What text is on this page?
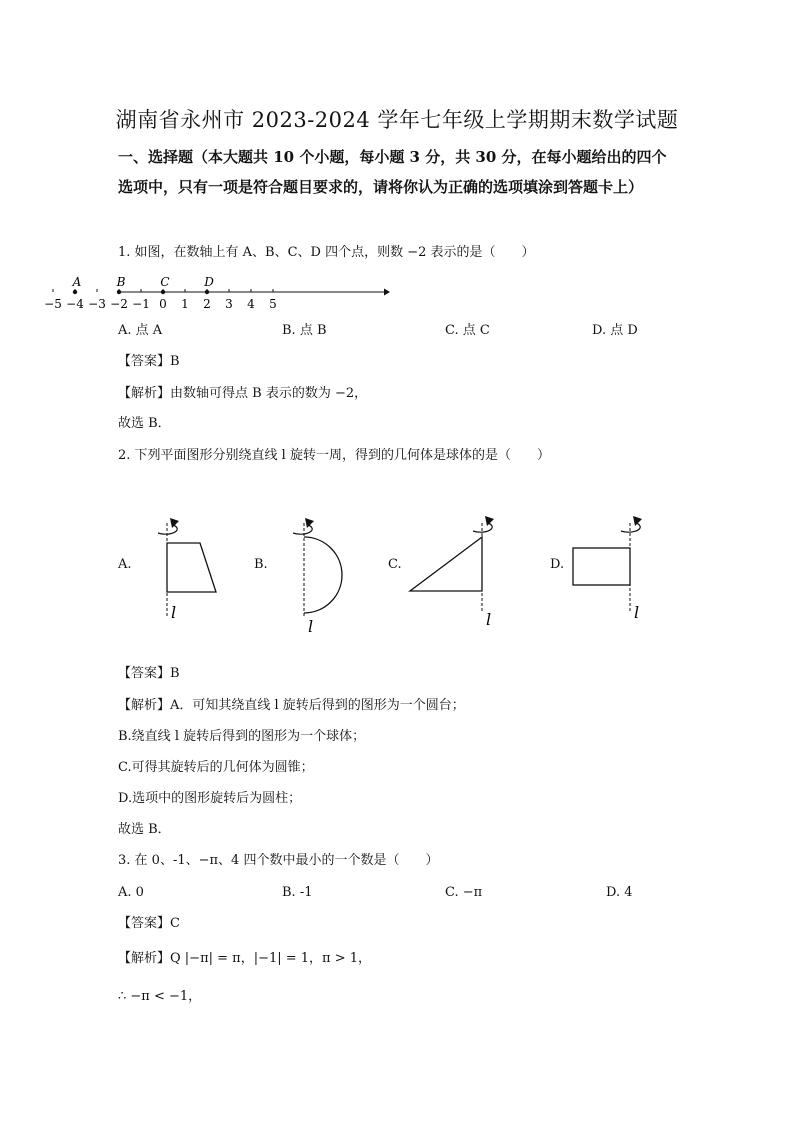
湖南省永州市 2023-2024 学年七年级上学期期末数学试题
一、选择题（本大题共 10 个小题，每小题 3 分，共 30 分，在每小题给出的四个选项中，只有一项是符合题目要求的，请将你认为正确的选项填涂到答题卡上）
1. 如图，在数轴上有 A、B、C、D 四个点，则数 −2 表示的是（　　）
−5 −4 −3 −2 −1 0 1 2 3 4 5
A	B	C	D
A. 点 A	B. 点 B	C. 点 C	D. 点 D
【答案】B
【解析】由数轴可得点 B 表示的数为 −2，
故选 B．
2. 下列平面图形分别绕直线 l 旋转一周，得到的几何体是球体的是（　　）
A.	B.	C.	D.
l
l	l	l
【答案】B
【解析】A．可知其绕直线 l 旋转后得到的图形为一个圆台；
B.绕直线 l 旋转后得到的图形为一个球体；
C.可得其旋转后的几何体为圆锥；
D.选项中的图形旋转后为圆柱；
故选 B．
3. 在 0、-1、−π、4 四个数中最小的一个数是（　　）
A. 0	B. -1	C. −π	D. 4
【答案】C
【解析】Q |−π| = π，|−1| = 1，π > 1，
∴ −π < −1，
